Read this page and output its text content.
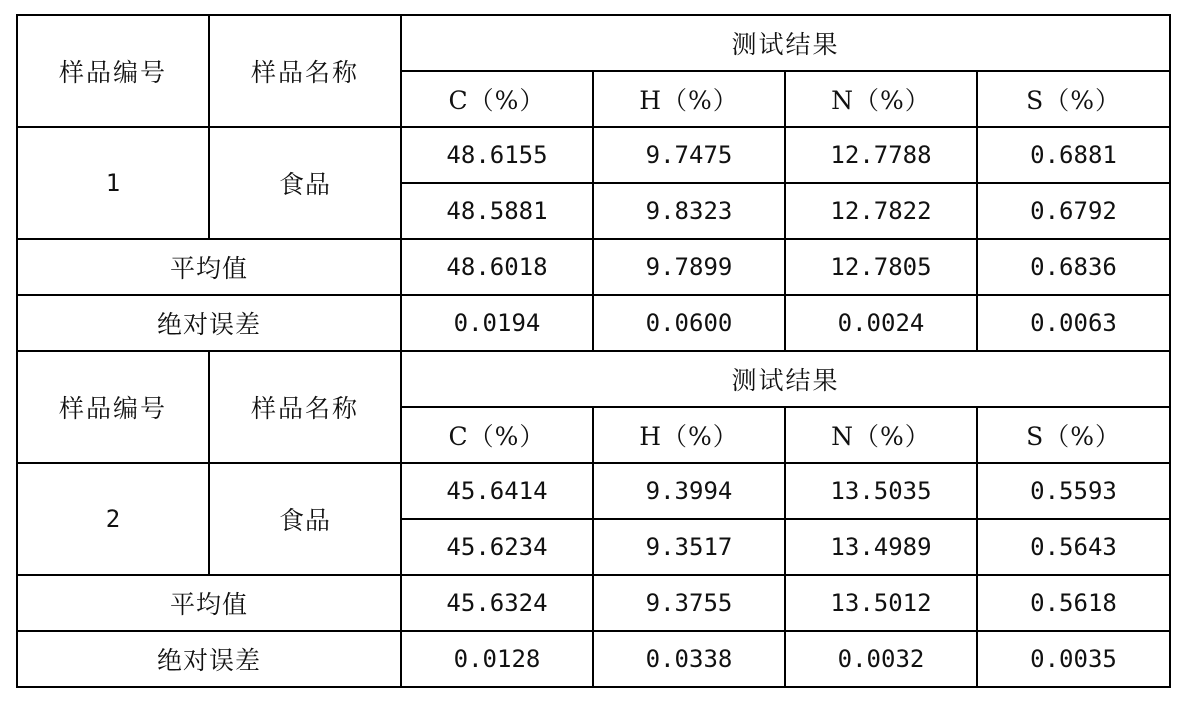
样品编号	样品名称	测试结果			
		C（%）	H（%）	N（%）	S（%）
1	食品	48.6155	9.7475	12.7788	0.6881
		48.5881	9.8323	12.7822	0.6792
平均值		48.6018	9.7899	12.7805	0.6836
绝对误差		0.0194	0.0600	0.0024	0.0063
样品编号	样品名称	测试结果			
		C（%）	H（%）	N（%）	S（%）
2	食品	45.6414	9.3994	13.5035	0.5593
		45.6234	9.3517	13.4989	0.5643
平均值		45.6324	9.3755	13.5012	0.5618
绝对误差		0.0128	0.0338	0.0032	0.0035
